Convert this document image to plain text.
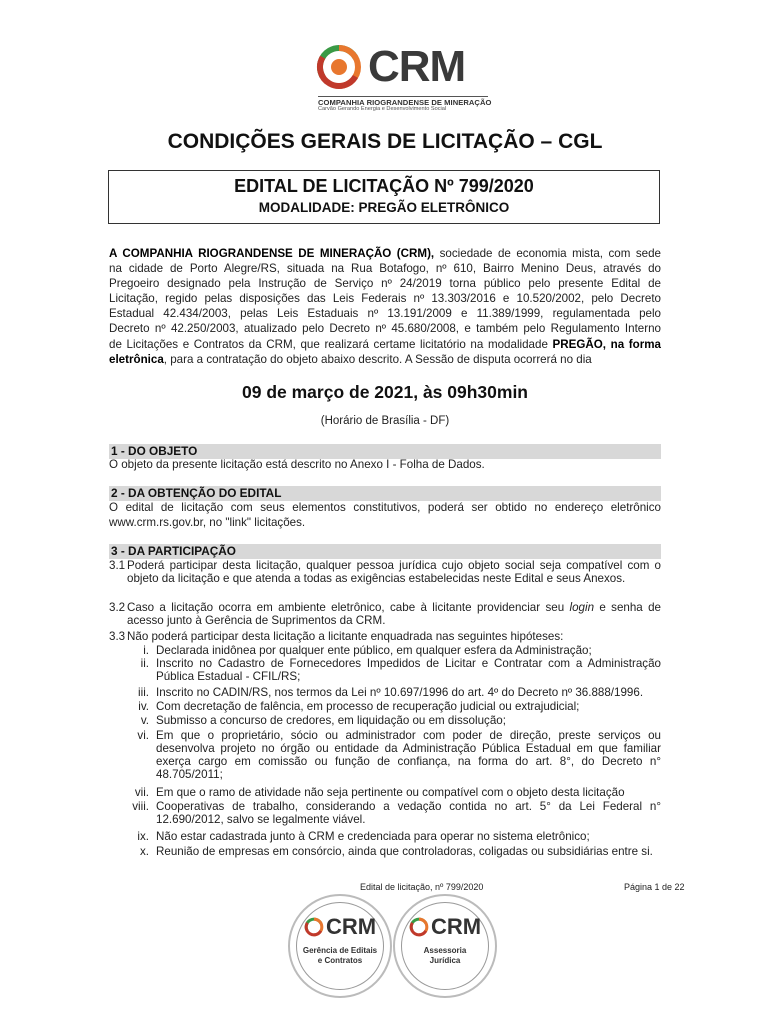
CRM
COMPANHIA RIOGRANDENSE DE MINERAÇÃO
Carvão Gerando Energia e Desenvolvimento Social
CONDIÇÕES GERAIS DE LICITAÇÃO – CGL
EDITAL DE LICITAÇÃO Nº 799/2020
MODALIDADE: PREGÃO ELETRÔNICO
A COMPANHIA RIOGRANDENSE DE MINERAÇÃO (CRM), sociedade de economia mista, com sede
na cidade de Porto Alegre/RS, situada na Rua Botafogo, nº 610, Bairro Menino Deus, através do
Pregoeiro designado pela Instrução de Serviço nº 24/2019 torna público pelo presente Edital de
Licitação, regido pelas disposições das Leis Federais nº 13.303/2016 e 10.520/2002, pelo Decreto
Estadual 42.434/2003, pelas Leis Estaduais nº 13.191/2009 e 11.389/1999, regulamentada pelo
Decreto nº 42.250/2003, atualizado pelo Decreto nº 45.680/2008, e também pelo Regulamento Interno
de Licitações e Contratos da CRM, que realizará certame licitatório na modalidade PREGÃO, na forma
eletrônica, para a contratação do objeto abaixo descrito. A Sessão de disputa ocorrerá no dia
09 de março de 2021, às 09h30min
(Horário de Brasília - DF)
1 - DO OBJETO
O objeto da presente licitação está descrito no Anexo I - Folha de Dados.
2 - DA OBTENÇÃO DO EDITAL
O edital de licitação com seus elementos constitutivos, poderá ser obtido no endereço eletrônico www.crm.rs.gov.br, no "link" licitações.
3 - DA PARTICIPAÇÃO
3.1 Poderá participar desta licitação, qualquer pessoa jurídica cujo objeto social seja compatível com o objeto da licitação e que atenda a todas as exigências estabelecidas neste Edital e seus Anexos.
3.2 Caso a licitação ocorra em ambiente eletrônico, cabe à licitante providenciar seu login e senha de acesso junto à Gerência de Suprimentos da CRM.
3.3 Não poderá participar desta licitação a licitante enquadrada nas seguintes hipóteses:
i. Declarada inidônea por qualquer ente público, em qualquer esfera da Administração;
ii. Inscrito no Cadastro de Fornecedores Impedidos de Licitar e Contratar com a Administração Pública Estadual - CFIL/RS;
iii. Inscrito no CADIN/RS, nos termos da Lei nº 10.697/1996 do art. 4º do Decreto nº 36.888/1996.
iv. Com decretação de falência, em processo de recuperação judicial ou extrajudicial;
v. Submisso a concurso de credores, em liquidação ou em dissolução;
vi. Em que o proprietário, sócio ou administrador com poder de direção, preste serviços ou desenvolva projeto no órgão ou entidade da Administração Pública Estadual em que familiar exerça cargo em comissão ou função de confiança, na forma do art. 8°, do Decreto n° 48.705/2011;
vii. Em que o ramo de atividade não seja pertinente ou compatível com o objeto desta licitação
viii. Cooperativas de trabalho, considerando a vedação contida no art. 5° da Lei Federal n° 12.690/2012, salvo se legalmente viável.
ix. Não estar cadastrada junto à CRM e credenciada para operar no sistema eletrônico;
x. Reunião de empresas em consórcio, ainda que controladoras, coligadas ou subsidiárias entre si.
Edital de licitação, nº 799/2020	Página 1 de 22
CRM
Gerência de Editais
e Contratos
CRM
Assessoria
Jurídica
